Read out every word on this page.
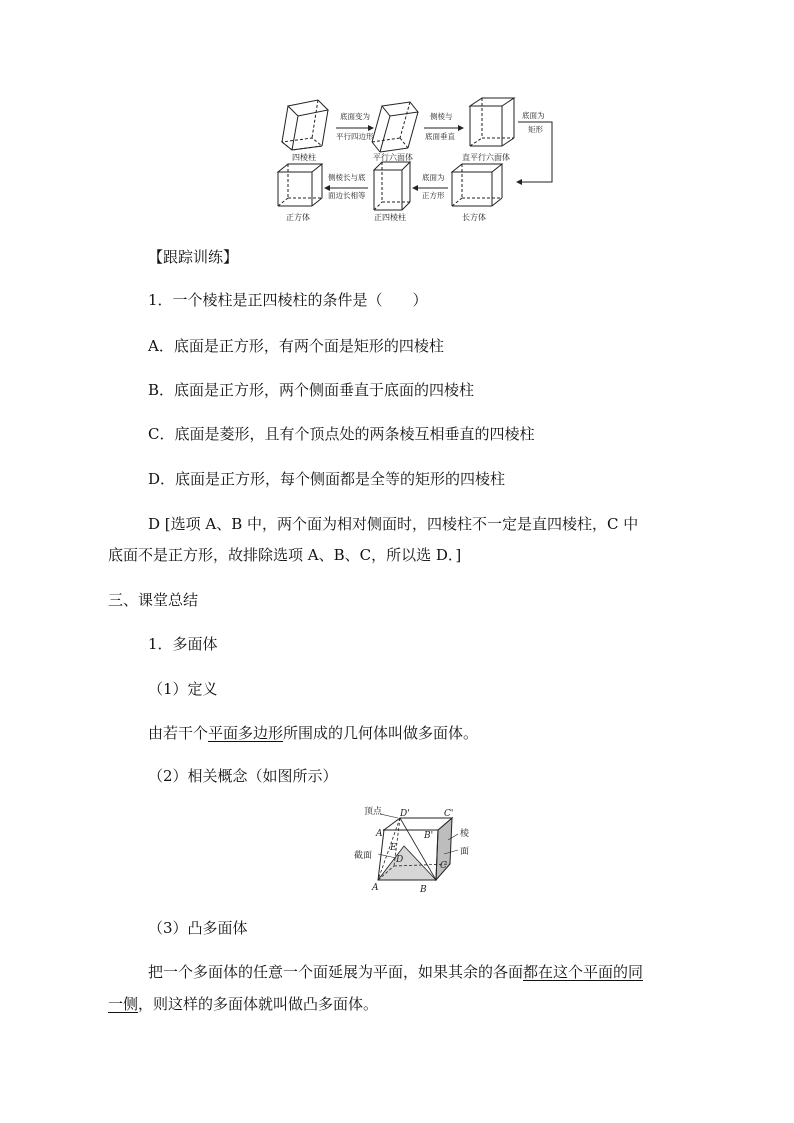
四棱柱
底面变为
平行四边形
平行六面体
侧棱与
底面垂直
直平行六面体
底面为
矩形
长方体
底面为
正方形
正四棱柱
侧棱长与底
面边长相等
正方体
【跟踪训练】
1．一个棱柱是正四棱柱的条件是（　　）
A．底面是正方形，有两个面是矩形的四棱柱
B．底面是正方形，两个侧面垂直于底面的四棱柱
C．底面是菱形，且有个顶点处的两条棱互相垂直的四棱柱
D．底面是正方形，每个侧面都是全等的矩形的四棱柱
D [选项 A、B 中，两个面为相对侧面时，四棱柱不一定是直四棱柱，C 中
底面不是正方形，故排除选项 A、B、C，所以选 D．]
三、课堂总结
1．多面体
（1）定义
由若干个平面多边形所围成的几何体叫做多面体。
（2）相关概念（如图所示）
顶点
截面
棱
面
D'	C'
A'	B'
E
D
C
A	B
（3）凸多面体
把一个多面体的任意一个面延展为平面，如果其余的各面都在这个平面的同
一侧，则这样的多面体就叫做凸多面体。
